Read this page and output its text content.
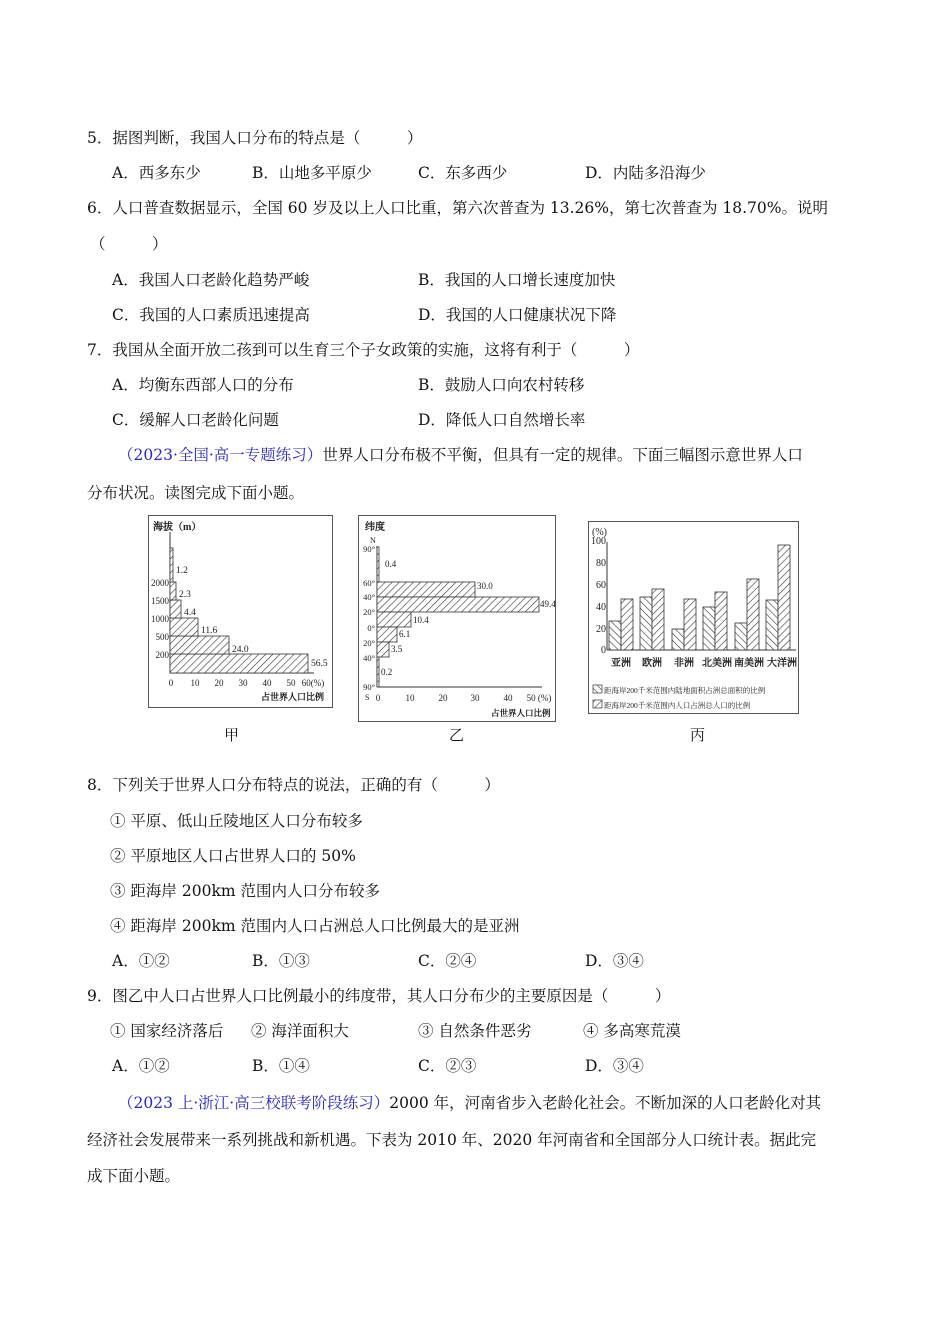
5．据图判断，我国人口分布的特点是（　　　）
A．西多东少	B．山地多平原少	C．东多西少	D．内陆多沿海少
6．人口普查数据显示，全国 60 岁及以上人口比重，第六次普查为 13.26%，第七次普查为 18.70%。说明
（　　　）
A．我国人口老龄化趋势严峻	B．我国的人口增长速度加快
C．我国的人口素质迅速提高	D．我国的人口健康状况下降
7．我国从全面开放二孩到可以生育三个子女政策的实施，这将有利于（　　　）
A．均衡东西部人口的分布	B．鼓励人口向农村转移
C．缓解人口老龄化问题	D．降低人口自然增长率
（2023·全国·高一专题练习）世界人口分布极不平衡，但具有一定的规律。下面三幅图示意世界人口
分布状况。读图完成下面小题。
海拔（m）
56.5
24.0
11.6
4.4
2.3
1.2
200
500
1000
1500
2000
0 10 20 30 40 50 60(%)
占世界人口比例
甲
纬度
N
0.4
30.0
49.4
10.4
6.1
3.5
0.2
90°
60°
40°
20°
0°
20°
40°
90°
S 0	10	20	30	40 50 (%)
占世界人口比例
乙
(%)
0
20
40
60
80
100
亚洲 欧洲 非洲 北美洲 南美洲 大洋洲
距海岸200千米范围内陆地面积占洲总面积的比例
距海岸200千米范围内人口占洲总人口的比例
丙
8．下列关于世界人口分布特点的说法，正确的有（　　　）
① 平原、低山丘陵地区人口分布较多
② 平原地区人口占世界人口的 50%
③ 距海岸 200km 范围内人口分布较多
④ 距海岸 200km 范围内人口占洲总人口比例最大的是亚洲
A．①②	B．①③	C．②④	D．③④
9．图乙中人口占世界人口比例最小的纬度带，其人口分布少的主要原因是（　　　）
① 国家经济落后 ② 海洋面积大	③ 自然条件恶劣	④ 多高寒荒漠
A．①②	B．①④	C．②③	D．③④
（2023 上·浙江·高三校联考阶段练习）2000 年，河南省步入老龄化社会。不断加深的人口老龄化对其
经济社会发展带来一系列挑战和新机遇。下表为 2010 年、2020 年河南省和全国部分人口统计表。据此完
成下面小题。
